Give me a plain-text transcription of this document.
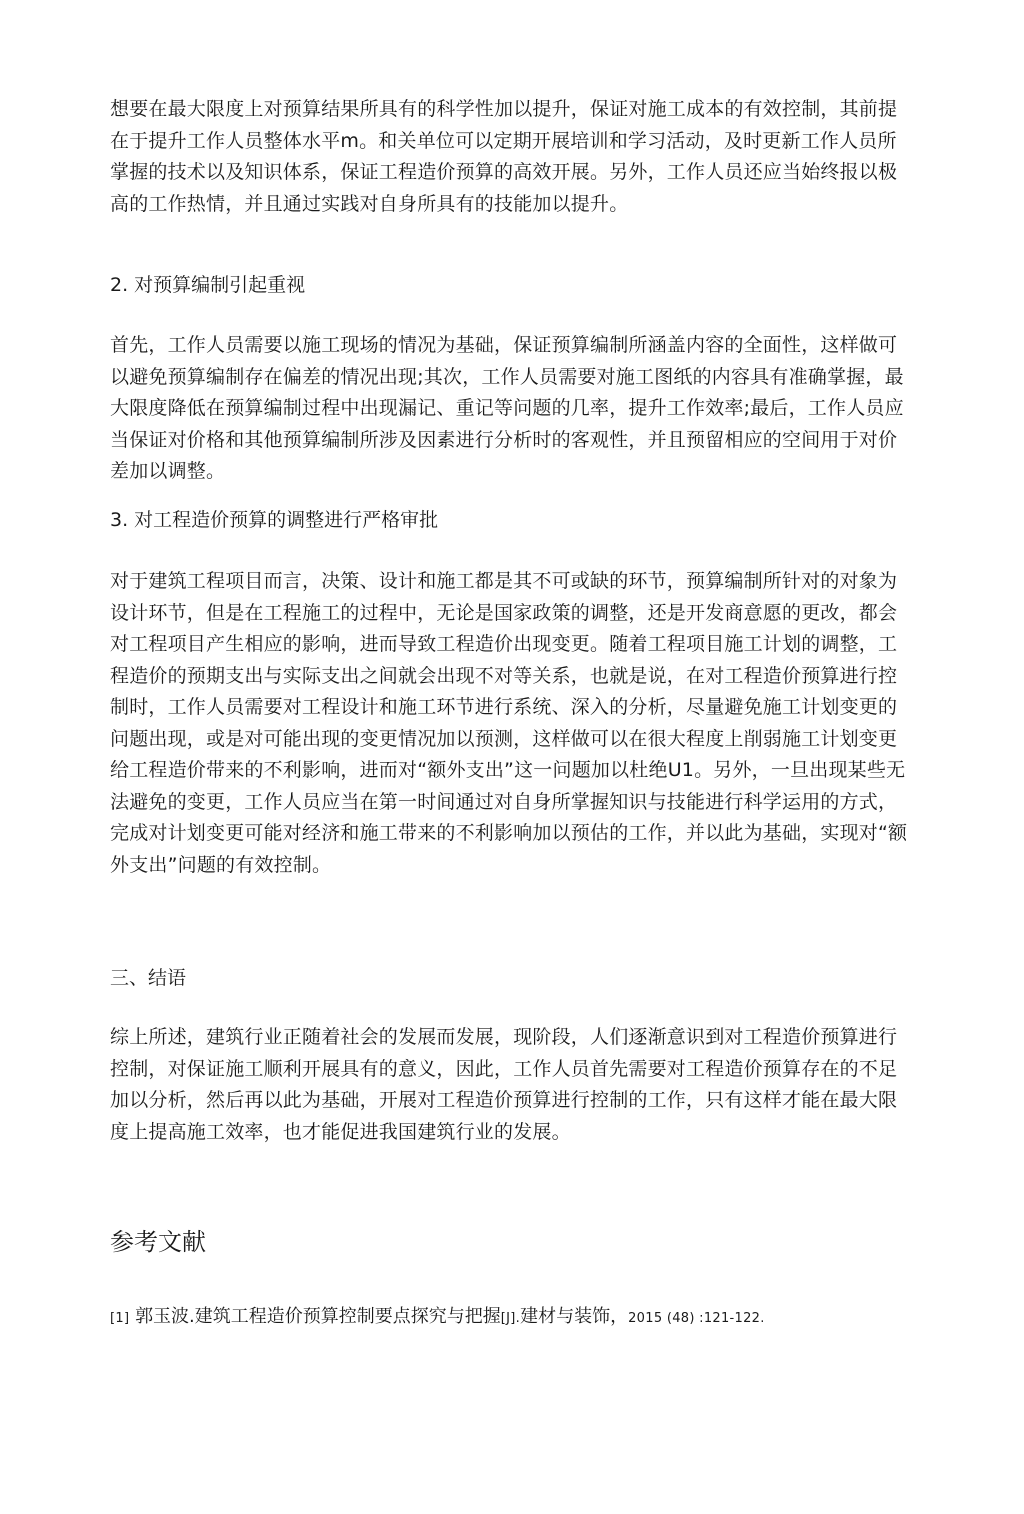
想要在最大限度上对预算结果所具有的科学性加以提升，保证对施工成本的有效控制，其前提在于提升工作人员整体水平m。和关单位可以定期开展培训和学习活动，及时更新工作人员所掌握的技术以及知识体系，保证工程造价预算的高效开展。另外，工作人员还应当始终报以极高的工作热情，并且通过实践对自身所具有的技能加以提升。

2. 对预算编制引起重视

首先，工作人员需要以施工现场的情况为基础，保证预算编制所涵盖内容的全面性，这样做可以避免预算编制存在偏差的情况出现;其次，工作人员需要对施工图纸的内容具有准确掌握，最大限度降低在预算编制过程中出现漏记、重记等问题的几率，提升工作效率;最后，工作人员应当保证对价格和其他预算编制所涉及因素进行分析时的客观性，并且预留相应的空间用于对价差加以调整。

3. 对工程造价预算的调整进行严格审批

对于建筑工程项目而言，决策、设计和施工都是其不可或缺的环节，预算编制所针对的对象为设计环节，但是在工程施工的过程中，无论是国家政策的调整，还是开发商意愿的更改，都会对工程项目产生相应的影响，进而导致工程造价出现变更。随着工程项目施工计划的调整，工程造价的预期支出与实际支出之间就会出现不对等关系，也就是说，在对工程造价预算进行控制时，工作人员需要对工程设计和施工环节进行系统、深入的分析，尽量避免施工计划变更的问题出现，或是对可能出现的变更情况加以预测，这样做可以在很大程度上削弱施工计划变更给工程造价带来的不利影响，进而对“额外支出”这一问题加以杜绝U1。另外，一旦出现某些无法避免的变更，工作人员应当在第一时间通过对自身所掌握知识与技能进行科学运用的方式，完成对计划变更可能对经济和施工带来的不利影响加以预估的工作，并以此为基础，实现对“额外支出”问题的有效控制。

三、结语

综上所述，建筑行业正随着社会的发展而发展，现阶段，人们逐渐意识到对工程造价预算进行控制，对保证施工顺利开展具有的意义，因此，工作人员首先需要对工程造价预算存在的不足加以分析，然后再以此为基础，开展对工程造价预算进行控制的工作，只有这样才能在最大限度上提高施工效率，也才能促进我国建筑行业的发展。

参考文献

[1] 郭玉波.建筑工程造价预算控制要点探究与把握[J].建材与装饰，2015 (48) :121-122.
